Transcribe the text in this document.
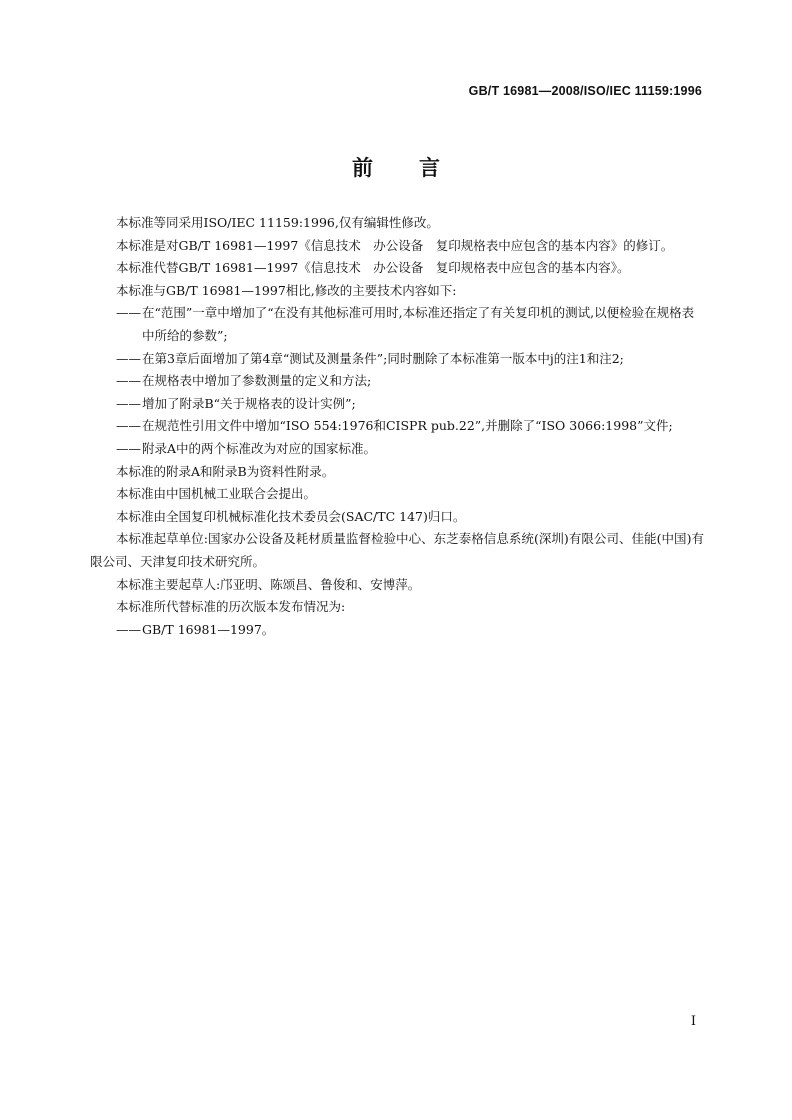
GB/T 16981—2008/ISO/IEC 11159:1996
前 言

本标准等同采用ISO/IEC 11159:1996,仅有编辑性修改。

本标准是对GB/T 16981—1997《信息技术　办公设备　复印规格表中应包含的基本内容》的修订。

本标准代替GB/T 16981—1997《信息技术　办公设备　复印规格表中应包含的基本内容》。

本标准与GB/T 16981—1997相比,修改的主要技术内容如下:

—— 在“范围”一章中增加了“在没有其他标准可用时,本标准还指定了有关复印机的测试,以便检验在规格表中所给的参数”;

—— 在第3章后面增加了第4章“测试及测量条件”;同时删除了本标准第一版本中j的注1和注2;

—— 在规格表中增加了参数测量的定义和方法;

—— 增加了附录B“关于规格表的设计实例”;

—— 在规范性引用文件中增加“ISO 554:1976和CISPR pub.22”,并删除了“ISO 3066:1998”文件;

—— 附录A中的两个标准改为对应的国家标准。

本标准的附录A和附录B为资料性附录。

本标准由中国机械工业联合会提出。

本标准由全国复印机械标准化技术委员会(SAC/TC 147)归口。

本标准起草单位:国家办公设备及耗材质量监督检验中心、东芝泰格信息系统(深圳)有限公司、佳能(中国)有限公司、天津复印技术研究所。

本标准主要起草人:邝亚明、陈颂昌、鲁俊和、安博萍。

本标准所代替标准的历次版本发布情况为:

—— GB/T 16981—1997。

I
